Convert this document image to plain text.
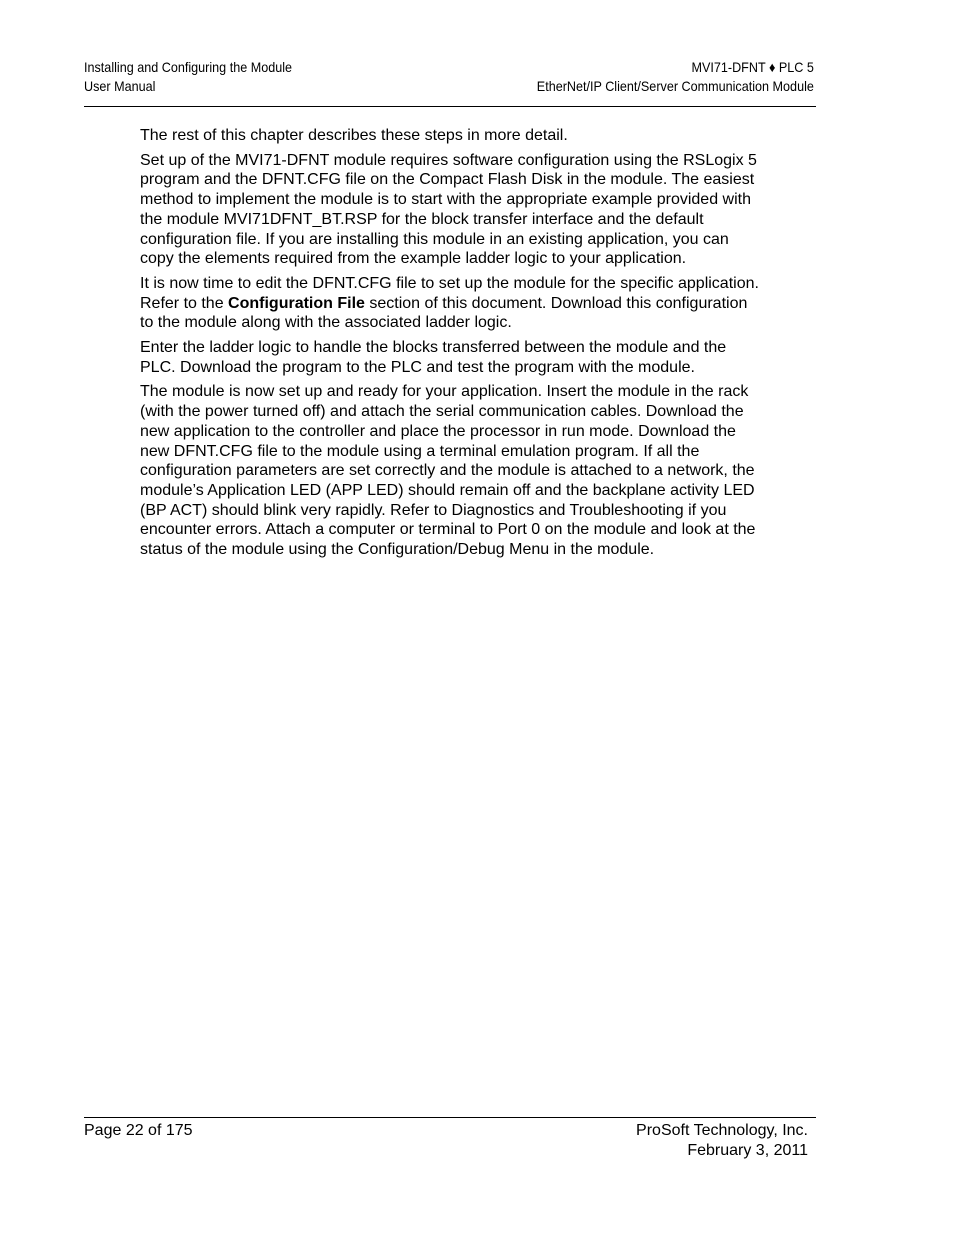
Installing and Configuring the Module
User Manual
MVI71-DFNT ♦ PLC 5
EtherNet/IP Client/Server Communication Module

The rest of this chapter describes these steps in more detail.

Set up of the MVI71-DFNT module requires software configuration using the RSLogix 5 program and the DFNT.CFG file on the Compact Flash Disk in the module. The easiest method to implement the module is to start with the appropriate example provided with the module MVI71DFNT_BT.RSP for the block transfer interface and the default configuration file. If you are installing this module in an existing application, you can copy the elements required from the example ladder logic to your application.

It is now time to edit the DFNT.CFG file to set up the module for the specific application. Refer to the Configuration File section of this document. Download this configuration to the module along with the associated ladder logic.

Enter the ladder logic to handle the blocks transferred between the module and the PLC. Download the program to the PLC and test the program with the module.

The module is now set up and ready for your application. Insert the module in the rack (with the power turned off) and attach the serial communication cables. Download the new application to the controller and place the processor in run mode. Download the new DFNT.CFG file to the module using a terminal emulation program. If all the configuration parameters are set correctly and the module is attached to a network, the module’s Application LED (APP LED) should remain off and the backplane activity LED (BP ACT) should blink very rapidly. Refer to Diagnostics and Troubleshooting if you encounter errors. Attach a computer or terminal to Port 0 on the module and look at the status of the module using the Configuration/Debug Menu in the module.

Page 22 of 175	ProSoft Technology, Inc.
February 3, 2011
